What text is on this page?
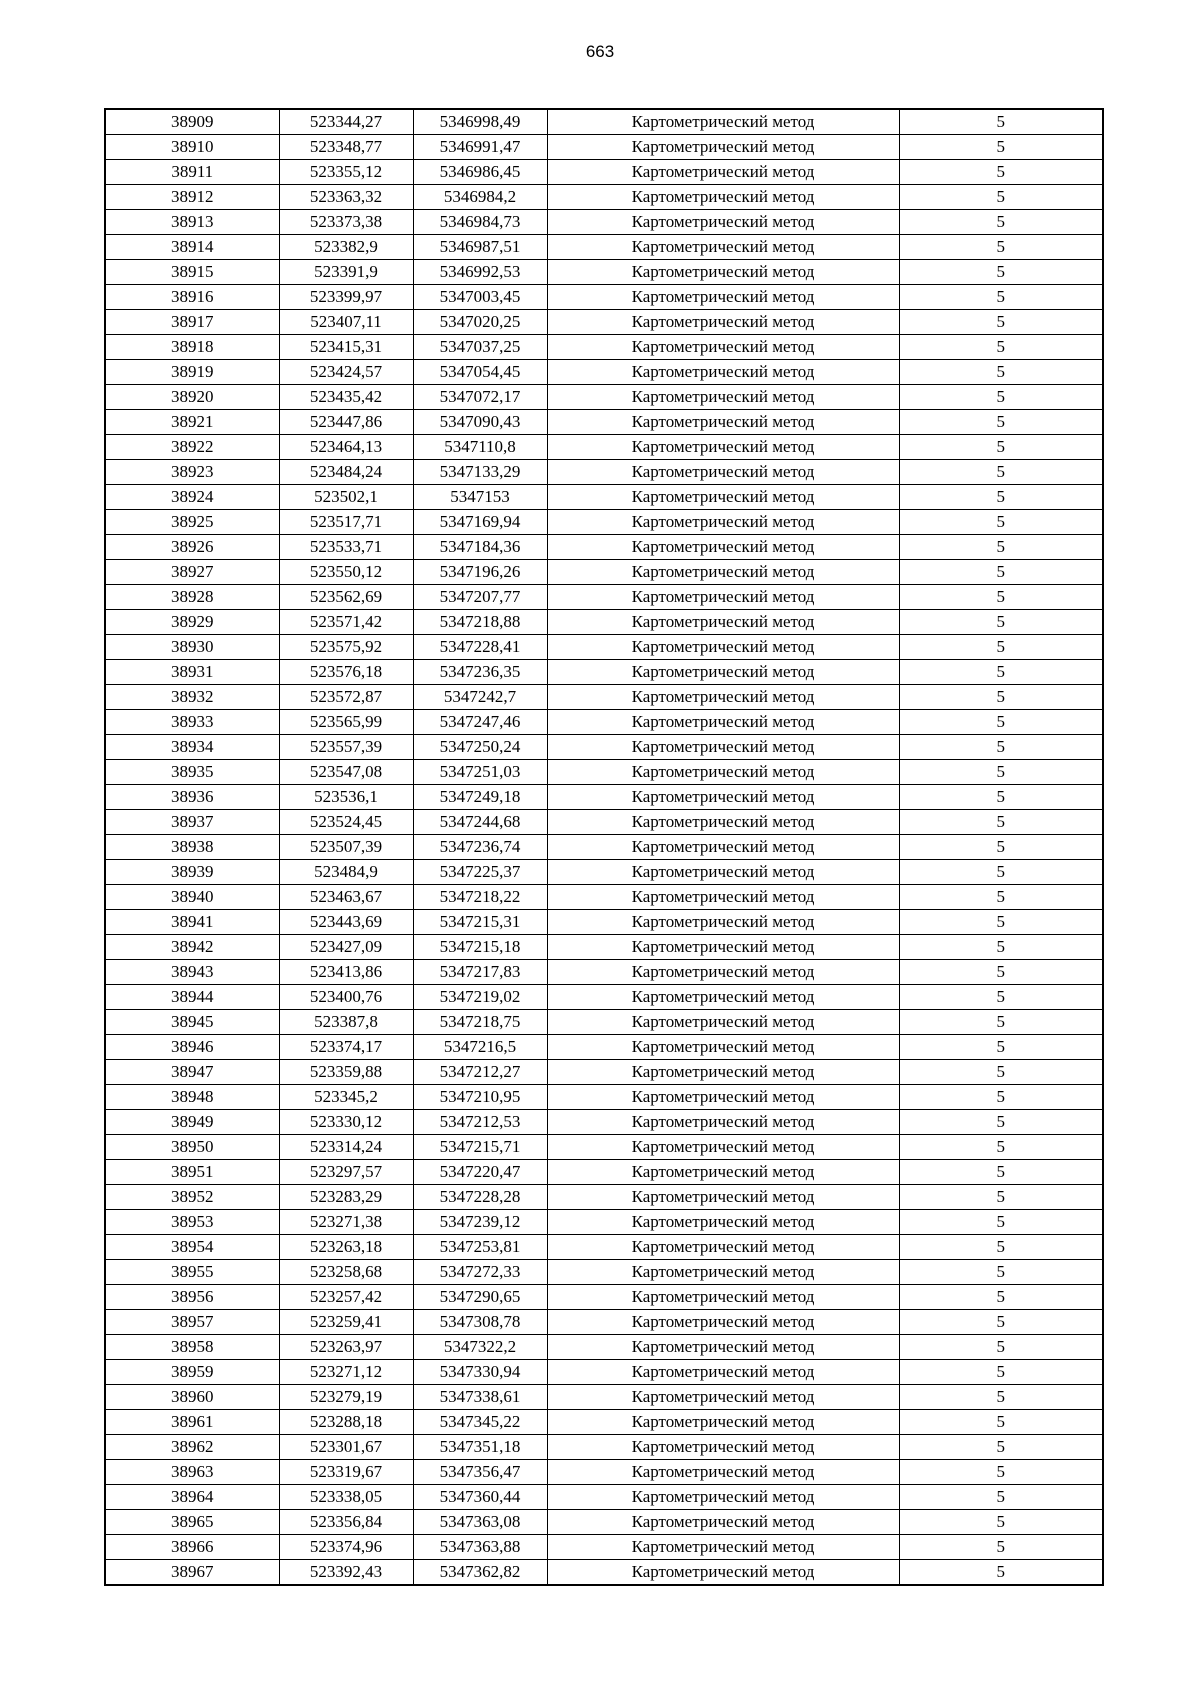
663
38909	523344,27	5346998,49	Картометрический метод	5
38910	523348,77	5346991,47	Картометрический метод	5
38911	523355,12	5346986,45	Картометрический метод	5
38912	523363,32	5346984,2	Картометрический метод	5
38913	523373,38	5346984,73	Картометрический метод	5
38914	523382,9	5346987,51	Картометрический метод	5
38915	523391,9	5346992,53	Картометрический метод	5
38916	523399,97	5347003,45	Картометрический метод	5
38917	523407,11	5347020,25	Картометрический метод	5
38918	523415,31	5347037,25	Картометрический метод	5
38919	523424,57	5347054,45	Картометрический метод	5
38920	523435,42	5347072,17	Картометрический метод	5
38921	523447,86	5347090,43	Картометрический метод	5
38922	523464,13	5347110,8	Картометрический метод	5
38923	523484,24	5347133,29	Картометрический метод	5
38924	523502,1	5347153	Картометрический метод	5
38925	523517,71	5347169,94	Картометрический метод	5
38926	523533,71	5347184,36	Картометрический метод	5
38927	523550,12	5347196,26	Картометрический метод	5
38928	523562,69	5347207,77	Картометрический метод	5
38929	523571,42	5347218,88	Картометрический метод	5
38930	523575,92	5347228,41	Картометрический метод	5
38931	523576,18	5347236,35	Картометрический метод	5
38932	523572,87	5347242,7	Картометрический метод	5
38933	523565,99	5347247,46	Картометрический метод	5
38934	523557,39	5347250,24	Картометрический метод	5
38935	523547,08	5347251,03	Картометрический метод	5
38936	523536,1	5347249,18	Картометрический метод	5
38937	523524,45	5347244,68	Картометрический метод	5
38938	523507,39	5347236,74	Картометрический метод	5
38939	523484,9	5347225,37	Картометрический метод	5
38940	523463,67	5347218,22	Картометрический метод	5
38941	523443,69	5347215,31	Картометрический метод	5
38942	523427,09	5347215,18	Картометрический метод	5
38943	523413,86	5347217,83	Картометрический метод	5
38944	523400,76	5347219,02	Картометрический метод	5
38945	523387,8	5347218,75	Картометрический метод	5
38946	523374,17	5347216,5	Картометрический метод	5
38947	523359,88	5347212,27	Картометрический метод	5
38948	523345,2	5347210,95	Картометрический метод	5
38949	523330,12	5347212,53	Картометрический метод	5
38950	523314,24	5347215,71	Картометрический метод	5
38951	523297,57	5347220,47	Картометрический метод	5
38952	523283,29	5347228,28	Картометрический метод	5
38953	523271,38	5347239,12	Картометрический метод	5
38954	523263,18	5347253,81	Картометрический метод	5
38955	523258,68	5347272,33	Картометрический метод	5
38956	523257,42	5347290,65	Картометрический метод	5
38957	523259,41	5347308,78	Картометрический метод	5
38958	523263,97	5347322,2	Картометрический метод	5
38959	523271,12	5347330,94	Картометрический метод	5
38960	523279,19	5347338,61	Картометрический метод	5
38961	523288,18	5347345,22	Картометрический метод	5
38962	523301,67	5347351,18	Картометрический метод	5
38963	523319,67	5347356,47	Картометрический метод	5
38964	523338,05	5347360,44	Картометрический метод	5
38965	523356,84	5347363,08	Картометрический метод	5
38966	523374,96	5347363,88	Картометрический метод	5
38967	523392,43	5347362,82	Картометрический метод	5
